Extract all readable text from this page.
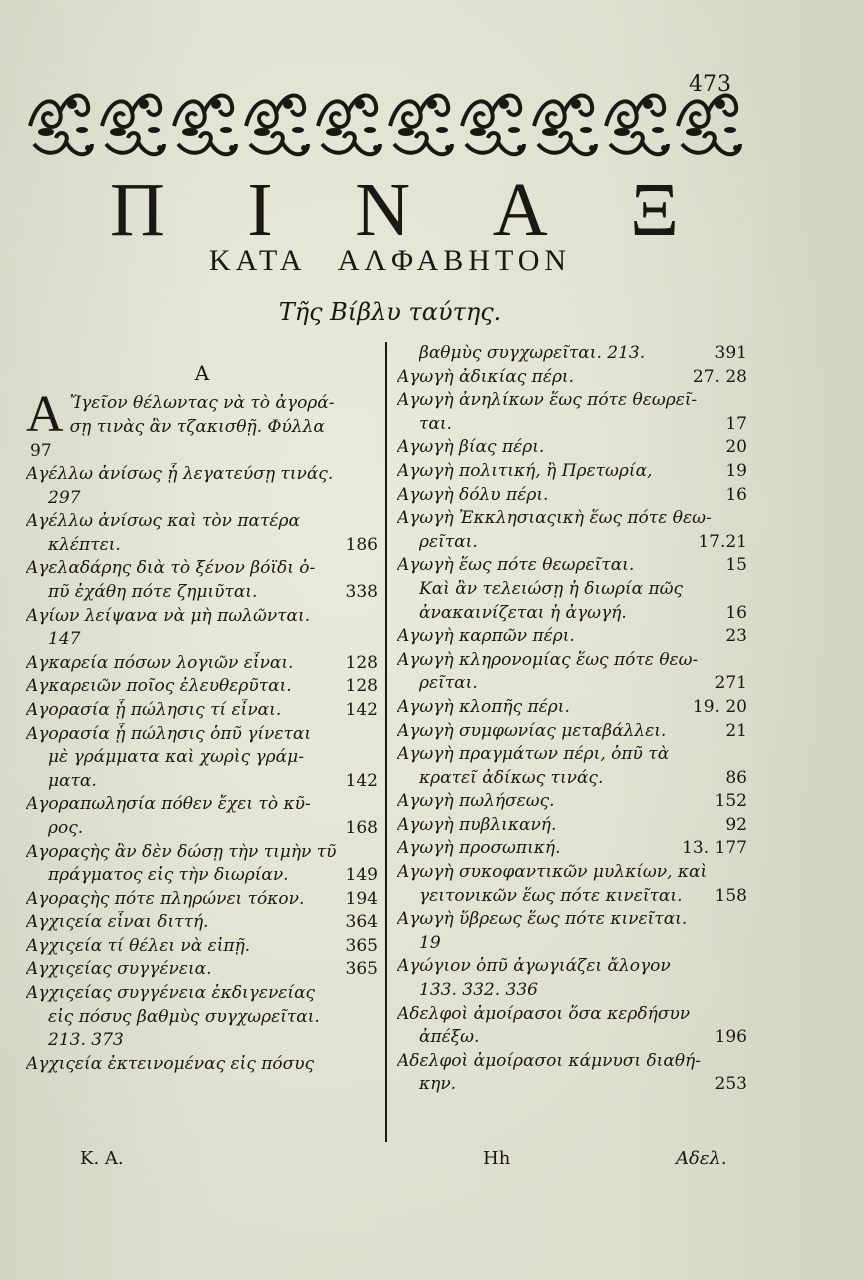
473
Π Ι Ν Α Ξ
ΚΑΤΑ ΑΛΦΑΒΗΤΟΝ
Τῆς Βίβλυ ταύτης.
Α
Α Ἴγεῖον θέλωντας νὰ τὸ ἀγορά-
σῃ τινὰς ἂν τζακισθῇ. Φύλλα
97
Αγέλλω ἀνίσως ᾗ λεγατεύσῃ τινάς.
297
Αγέλλω ἀνίσως καὶ τὸν πατέρα
κλέπτει.	186
Αγελαδάρης διὰ τὸ ξένον βόϊδι ὁ-
πῦ ἐχάθη πότε ζημιῦται.	338
Αγίων λείψανα νὰ μὴ πωλῶνται.
147
Αγκαρεία πόσων λογιῶν εἶναι.	128
Αγκαρειῶν ποῖος ἐλευθερῦται.	128
Αγορασία ᾗ πώλησις τί εἶναι.	142
Αγορασία ᾗ πώλησις ὁπῦ γίνεται
μὲ γράμματα καὶ χωρὶς γράμ-
ματα.	142
Αγοραπωλησία πόθεν ἔχει τὸ κῦ-
ρος.	168
Αγοραςὴς ἂν δὲν δώσῃ τὴν τιμὴν τῦ
πράγματος εἰς τὴν διωρίαν.	149
Αγοραςὴς πότε πληρώνει τόκον.	194
Αγχιςεία εἶναι διττή.	364
Αγχιςεία τί θέλει νὰ εἰπῇ.	365
Αγχιςείας συγγένεια.	365
Αγχιςείας συγγένεια ἐκδιγενείας
εἰς πόσυς βαθμὺς συγχωρεῖται.
213. 373
Αγχιςεία ἐκτεινομένας εἰς πόσυς
βαθμὺς συγχωρεῖται. 213.	391
Αγωγὴ ἀδικίας πέρι.	27. 28
Αγωγὴ ἀνηλίκων ἕως πότε θεωρεῖ-
ται.	17
Αγωγὴ βίας πέρι.	20
Αγωγὴ πολιτική, ἢ Πρετωρία,	19
Αγωγὴ δόλυ πέρι.	16
Αγωγὴ Ἐκκλησιαςικὴ ἕως πότε θεω-
ρεῖται.	17.21
Αγωγὴ ἕως πότε θεωρεῖται.	15
Καὶ ἂν τελειώσῃ ἡ διωρία πῶς
ἀνακαινίζεται ἡ ἀγωγή.	16
Αγωγὴ καρπῶν πέρι.	23
Αγωγὴ κληρονομίας ἕως πότε θεω-
ρεῖται.	271
Αγωγὴ κλοπῆς πέρι.	19. 20
Αγωγὴ συμφωνίας μεταβάλλει.	21
Αγωγὴ πραγμάτων πέρι, ὁπῦ τὰ
κρατεῖ ἀδίκως τινάς.	86
Αγωγὴ πωλήσεως.	152
Αγωγὴ πυβλικανή.	92
Αγωγὴ προσωπική.	13. 177
Αγωγὴ συκοφαντικῶν μυλκίων, καὶ
γειτονικῶν ἕως πότε κινεῖται.	158
Αγωγὴ ὕβρεως ἕως πότε κινεῖται.
19
Αγώγιον ὁπῦ ἀγωγιάζει ἄλογον
133. 332. 336
Αδελφοὶ ἀμοίρασοι ὅσα κερδήσυν
ἀπέξω.	196
Αδελφοὶ ἀμοίρασοι κάμνυσι διαθή-
κην.	253
K. A.	Hh	Αδελ.
